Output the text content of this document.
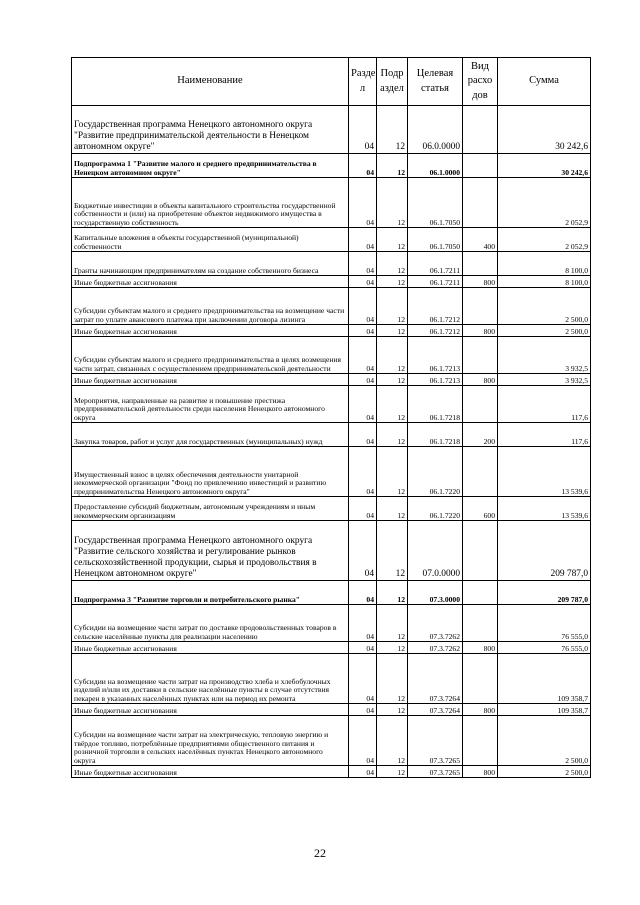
Наименование	Разде л	Подр аздел	Целевая статья	Вид расхо дов	Сумма
Государственная программа Ненецкого автономного округа "Развитие предпринимательской деятельности в Ненецком автономном округе"	04	12	06.0.0000		30 242,6
Подпрограмма 1 "Развитие малого и среднего предпринимательства в Ненецком автономном округе"	04	12	06.1.0000		30 242,6
Бюджетные инвестиции в объекты капитального строительства государственной собственности и (или) на приобретение объектов недвижимого имущества в государственную собственность	04	12	06.1.7050		2 052,9
Капитальные вложения в объекты государственной (муниципальной) собственности	04	12	06.1.7050	400	2 052,9
Гранты начинающим предпринимателям на создание собственного бизнеса	04	12	06.1.7211		8 100,0
Иные бюджетные ассигнования	04	12	06.1.7211	800	8 100,0
Субсидии субъектам малого и среднего предпринимательства на возмещение части затрат по уплате авансового платежа при заключении договора лизинга	04	12	06.1.7212		2 500,0
Иные бюджетные ассигнования	04	12	06.1.7212	800	2 500,0
Субсидии субъектам малого и среднего предпринимательства в целях возмещения части затрат, связанных с осуществлением предпринимательской деятельности	04	12	06.1.7213		3 932,5
Иные бюджетные ассигнования	04	12	06.1.7213	800	3 932,5
Мероприятия, направленные на развитие и повышение престижа предпринимательской деятельности среди населения Ненецкого автономного округа	04	12	06.1.7218		117,6
Закупка товаров, работ и услуг для государственных (муниципальных) нужд	04	12	06.1.7218	200	117,6
Имущественный взнос в целях обеспечения деятельности унитарной некоммерческой организации "Фонд по привлечению инвестиций и развитию предпринимательства Ненецкого автономного округа"	04	12	06.1.7220		13 539,6
Предоставление субсидий бюджетным, автономным учреждениям и иным некоммерческим организациям	04	12	06.1.7220	600	13 539,6
Государственная программа Ненецкого автономного округа "Развитие сельского хозяйства и регулирование рынков сельскохозяйственной продукции, сырья и продовольствия в Ненецком автономном округе"	04	12	07.0.0000		209 787,0
Подпрограмма 3 "Развитие торговли и потребительского рынка"	04	12	07.3.0000		209 787,0
Субсидии на возмещение части затрат по доставке продовольственных товаров в сельские населённые пункты для реализации населению	04	12	07.3.7262		76 555,0
Иные бюджетные ассигнования	04	12	07.3.7262	800	76 555,0
Субсидии на возмещение части затрат на производство хлеба и хлебобулочных изделий и/или их доставки в сельские населённые пункты в случае отсутствия пекарен в указанных населённых пунктах или на период их ремонта	04	12	07.3.7264		109 358,7
Иные бюджетные ассигнования	04	12	07.3.7264	800	109 358,7
Субсидии на возмещение части затрат на электрическую, тепловую энергию и твёрдое топливо, потреблённые предприятиями общественного питания и розничной торговли в сельских населённых пунктах Ненецкого автономного округа	04	12	07.3.7265		2 500,0
Иные бюджетные ассигнования	04	12	07.3.7265	800	2 500,0
22
